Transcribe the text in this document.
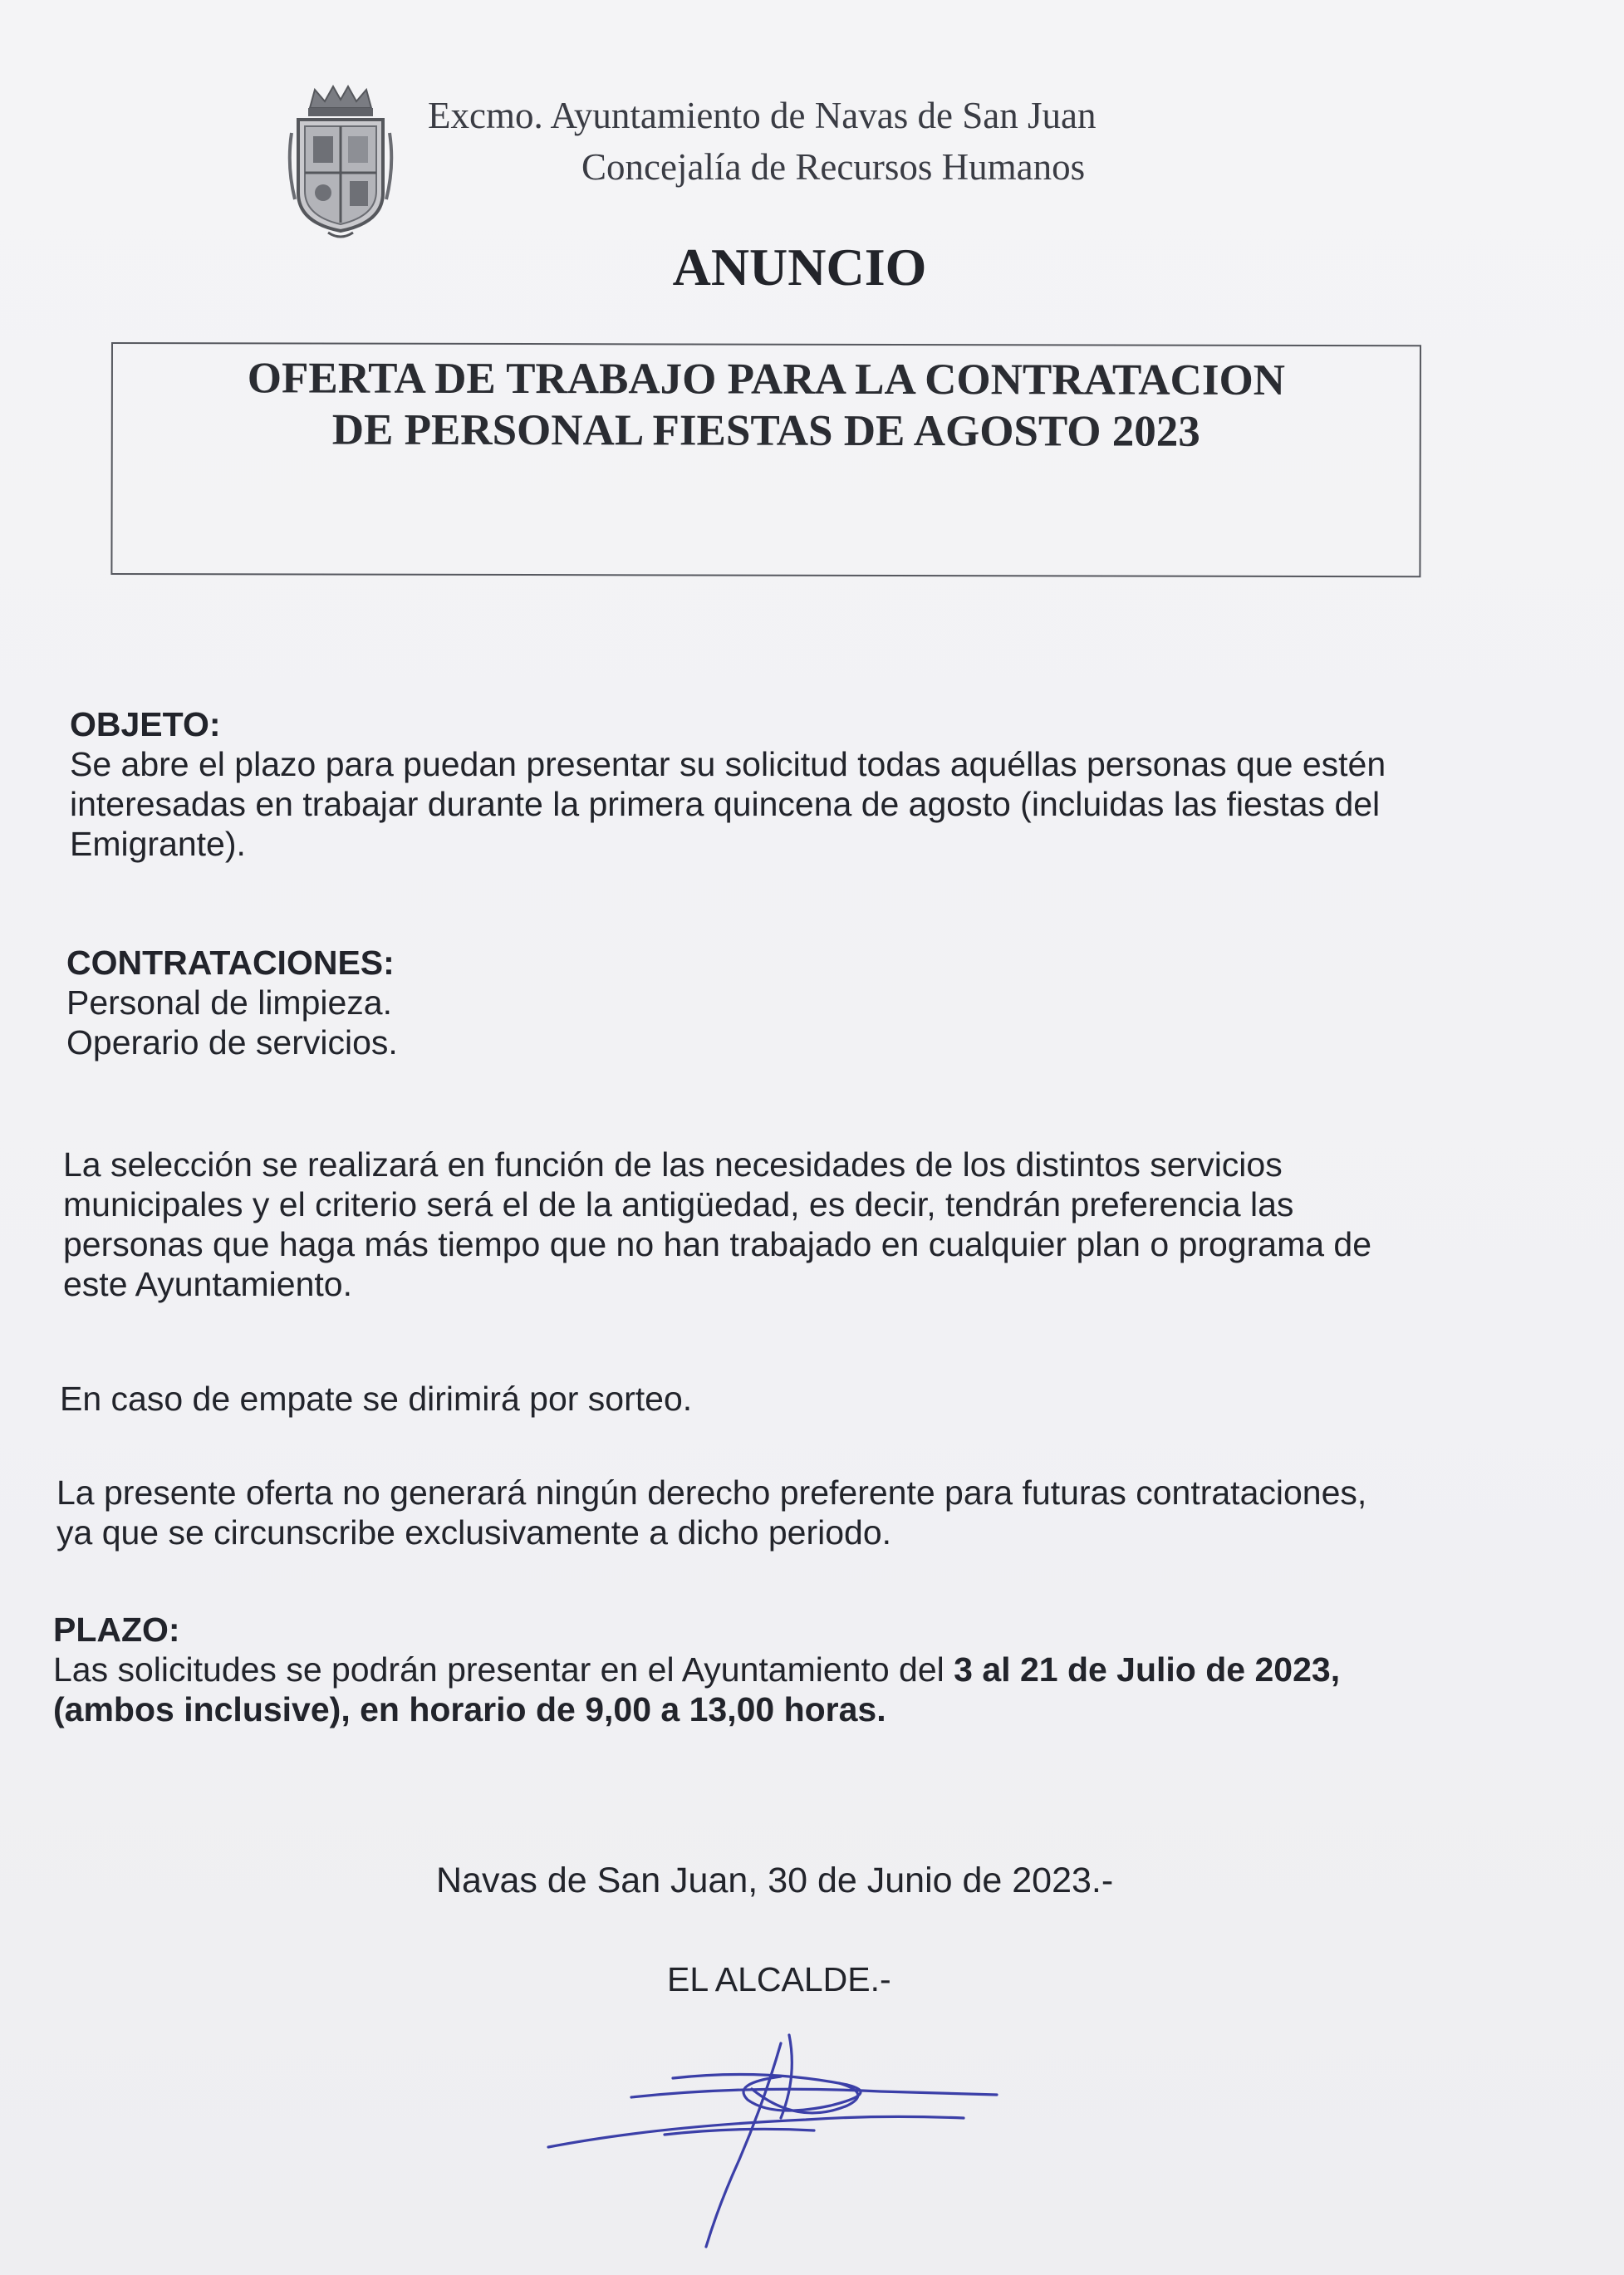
Excmo. Ayuntamiento de Navas de San Juan
Concejalía de Recursos Humanos
ANUNCIO
OFERTA DE TRABAJO PARA LA CONTRATACION
DE PERSONAL FIESTAS DE AGOSTO 2023
OBJETO:
Se abre el plazo para puedan presentar su solicitud todas aquéllas personas que estén
interesadas en trabajar durante la primera quincena de agosto (incluidas las fiestas del
Emigrante).
CONTRATACIONES:
Personal de limpieza.
Operario de servicios.
La selección se realizará en función de las necesidades de los distintos servicios
municipales y el criterio será el de la antigüedad, es decir, tendrán preferencia las
personas que haga más tiempo que no han trabajado en cualquier plan o programa de
este Ayuntamiento.
En caso de empate se dirimirá por sorteo.
La presente oferta no generará ningún derecho preferente para futuras contrataciones,
ya que se circunscribe exclusivamente a dicho periodo.
PLAZO:
Las solicitudes se podrán presentar en el Ayuntamiento del 3 al 21 de Julio de 2023,
(ambos inclusive), en horario de 9,00 a 13,00 horas.
Navas de San Juan, 30 de Junio de 2023.-
EL ALCALDE.-
